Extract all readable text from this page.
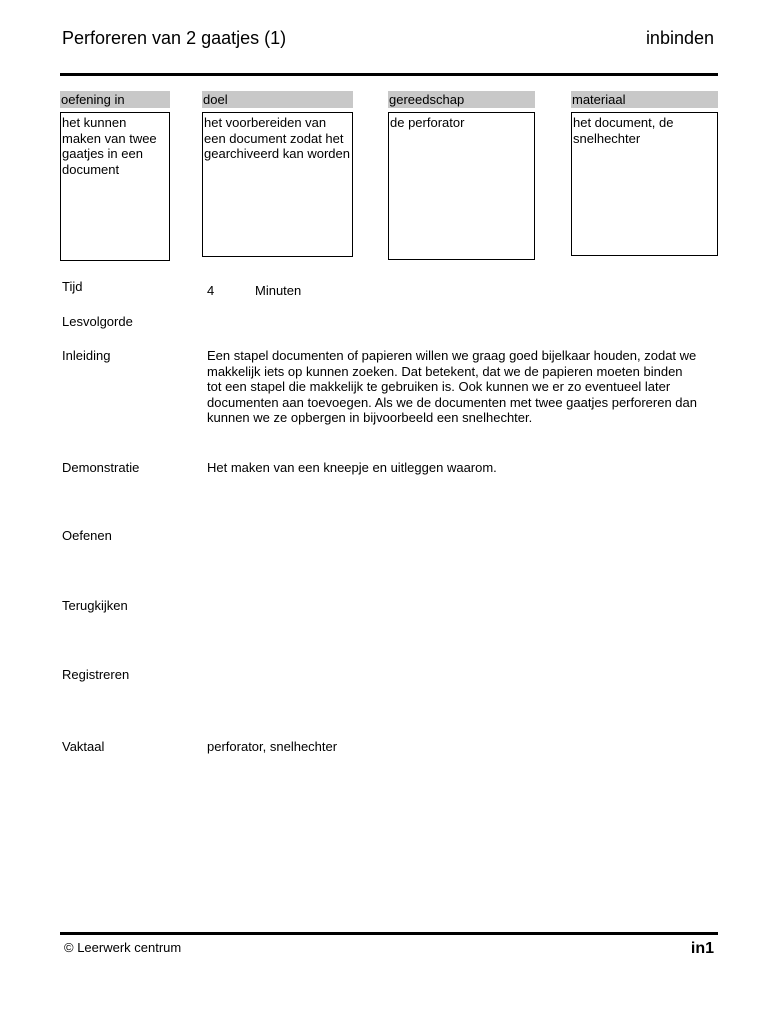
Perforeren van 2 gaatjes (1)	inbinden
oefening in
het kunnen maken van twee gaatjes in een document
doel
het voorbereiden van een document zodat het gearchiveerd kan worden
gereedschap
de perforator
materiaal
het document, de snelhechter
Tijd	4	Minuten
Lesvolgorde
Inleiding	Een stapel documenten of papieren willen we graag goed bijelkaar houden, zodat we makkelijk iets op kunnen zoeken. Dat betekent, dat we de papieren moeten binden tot een stapel die makkelijk te gebruiken is. Ook kunnen we er zo eventueel later documenten aan toevoegen. Als we de documenten met twee gaatjes perforeren dan kunnen we ze opbergen in bijvoorbeeld een snelhechter.
Demonstratie	Het maken van een kneepje en uitleggen waarom.
Oefenen
Terugkijken
Registreren
Vaktaal	perforator, snelhechter
© Leerwerk centrum	in1
